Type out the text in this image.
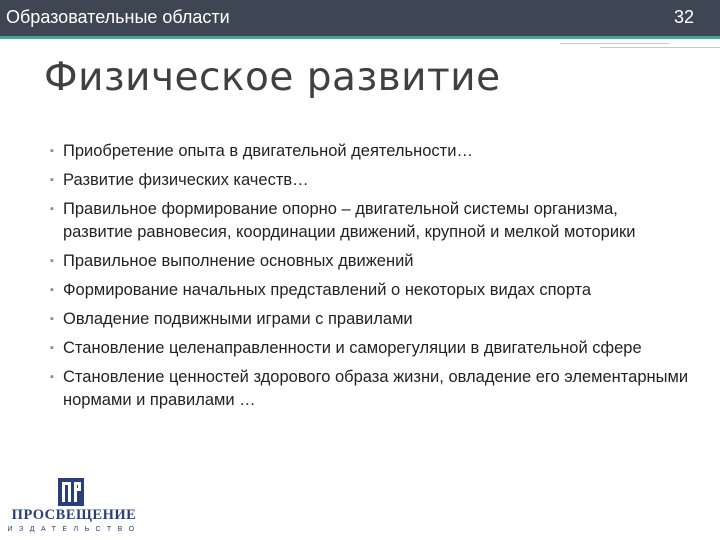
Образовательные области	32
Физическое развитие
▪ Приобретение опыта в двигательной деятельности…
▪ Развитие физических качеств…
▪ Правильное формирование опорно – двигательной системы организма, развитие равновесия, координации движений, крупной и мелкой моторики
▪ Правильное выполнение основных движений
▪ Формирование начальных представлений о некоторых видах спорта
▪ Овладение подвижными играми с правилами
▪ Становление целенаправленности и саморегуляции в двигательной сфере
▪ Становление ценностей здорового образа жизни, овладение его элементарными нормами и правилами …
ПРОСВЕЩЕНИЕ
ИЗДАТЕЛЬСТВО
